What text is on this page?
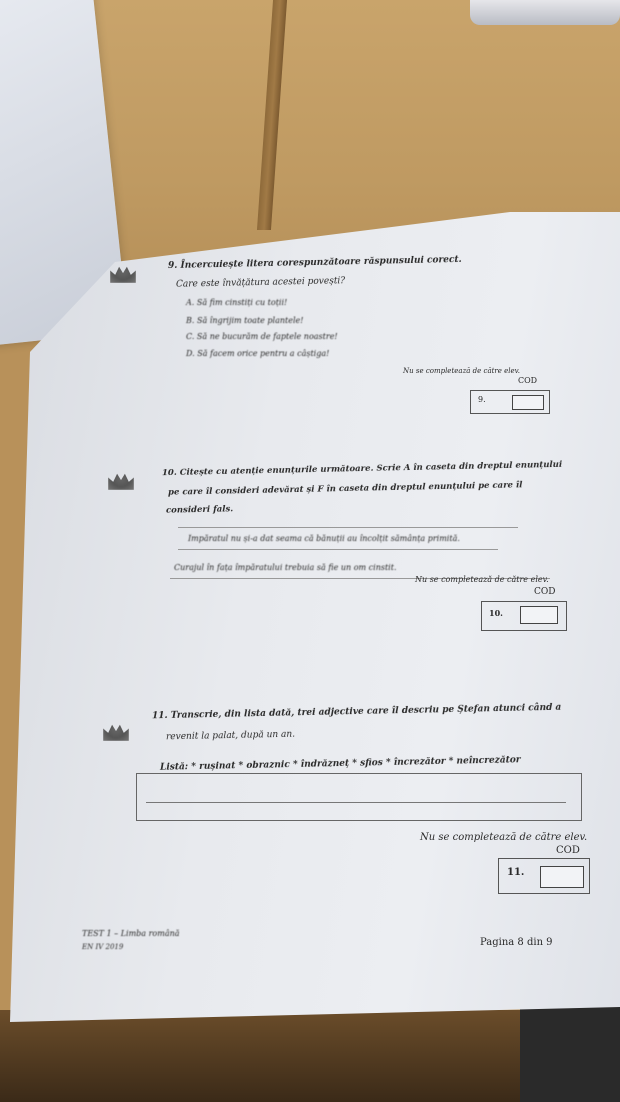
9. Încercuiește litera corespunzătoare răspunsului corect.
Care este învățătura acestei povești?
A. Să fim cinstiți cu toții!
B. Să îngrijim toate plantele!
C. Să ne bucurăm de faptele noastre!
D. Să facem orice pentru a câștiga!
Nu se completează de către elev.
COD
9.
10. Citește cu atenție enunțurile următoare. Scrie A în caseta din dreptul enunțului
pe care îl consideri adevărat și F în caseta din dreptul enunțului pe care îl
consideri fals.
Împăratul nu și-a dat seama că bănuții au încolțit sămânța primită.
Curajul în fața împăratului trebuia să fie un om cinstit.
Nu se completează de către elev.
COD
10.
11. Transcrie, din lista dată, trei adjective care îl descriu pe Ștefan atunci când a
revenit la palat, după un an.
Listă: * rușinat * obraznic * îndrăzneț * sfios * încrezător * neîncrezător
Nu se completează de către elev.
COD
11.
TEST 1 – Limba română
EN IV 2019	Pagina 8 din 9
